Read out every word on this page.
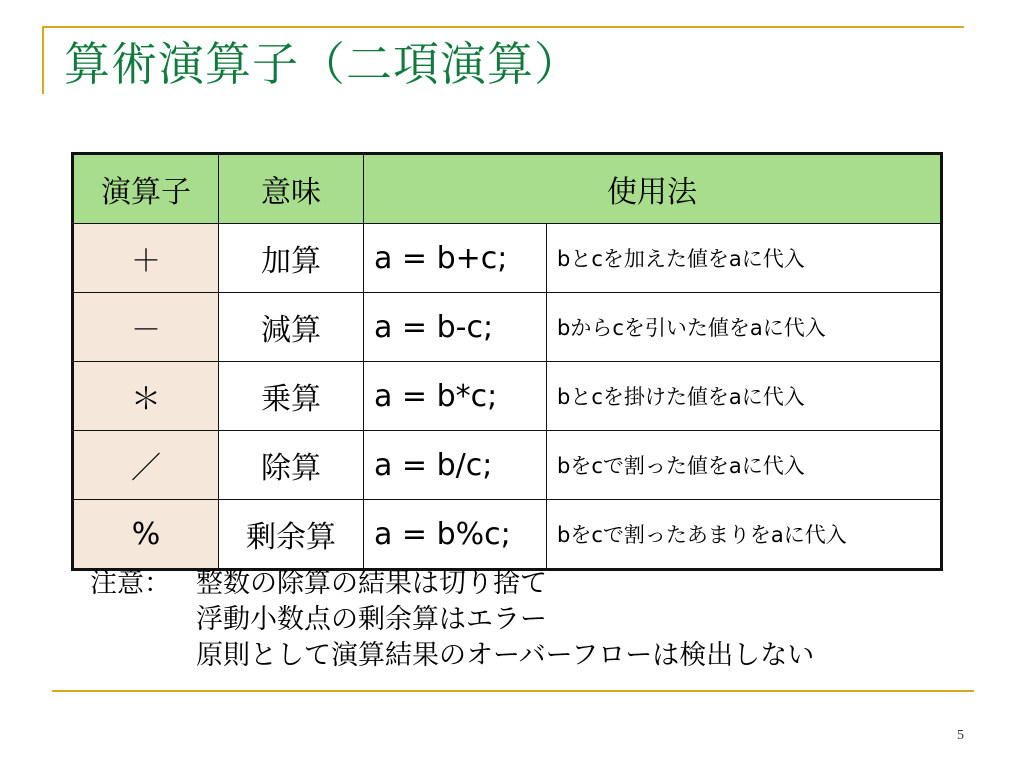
算術演算子（二項演算）
演算子	意味	使用法	
＋	加算	a = b+c;	bとcを加えた値をaに代入
－	減算	a = b-c;	bからcを引いた値をaに代入
＊	乗算	a = b*c;	bとcを掛けた値をaに代入
／	除算	a = b/c;	bをcで割った値をaに代入
%	剰余算	a = b%c;	bをcで割ったあまりをaに代入
注意： 整数の除算の結果は切り捨て
浮動小数点の剰余算はエラー
原則として演算結果のオーバーフローは検出しない
5
